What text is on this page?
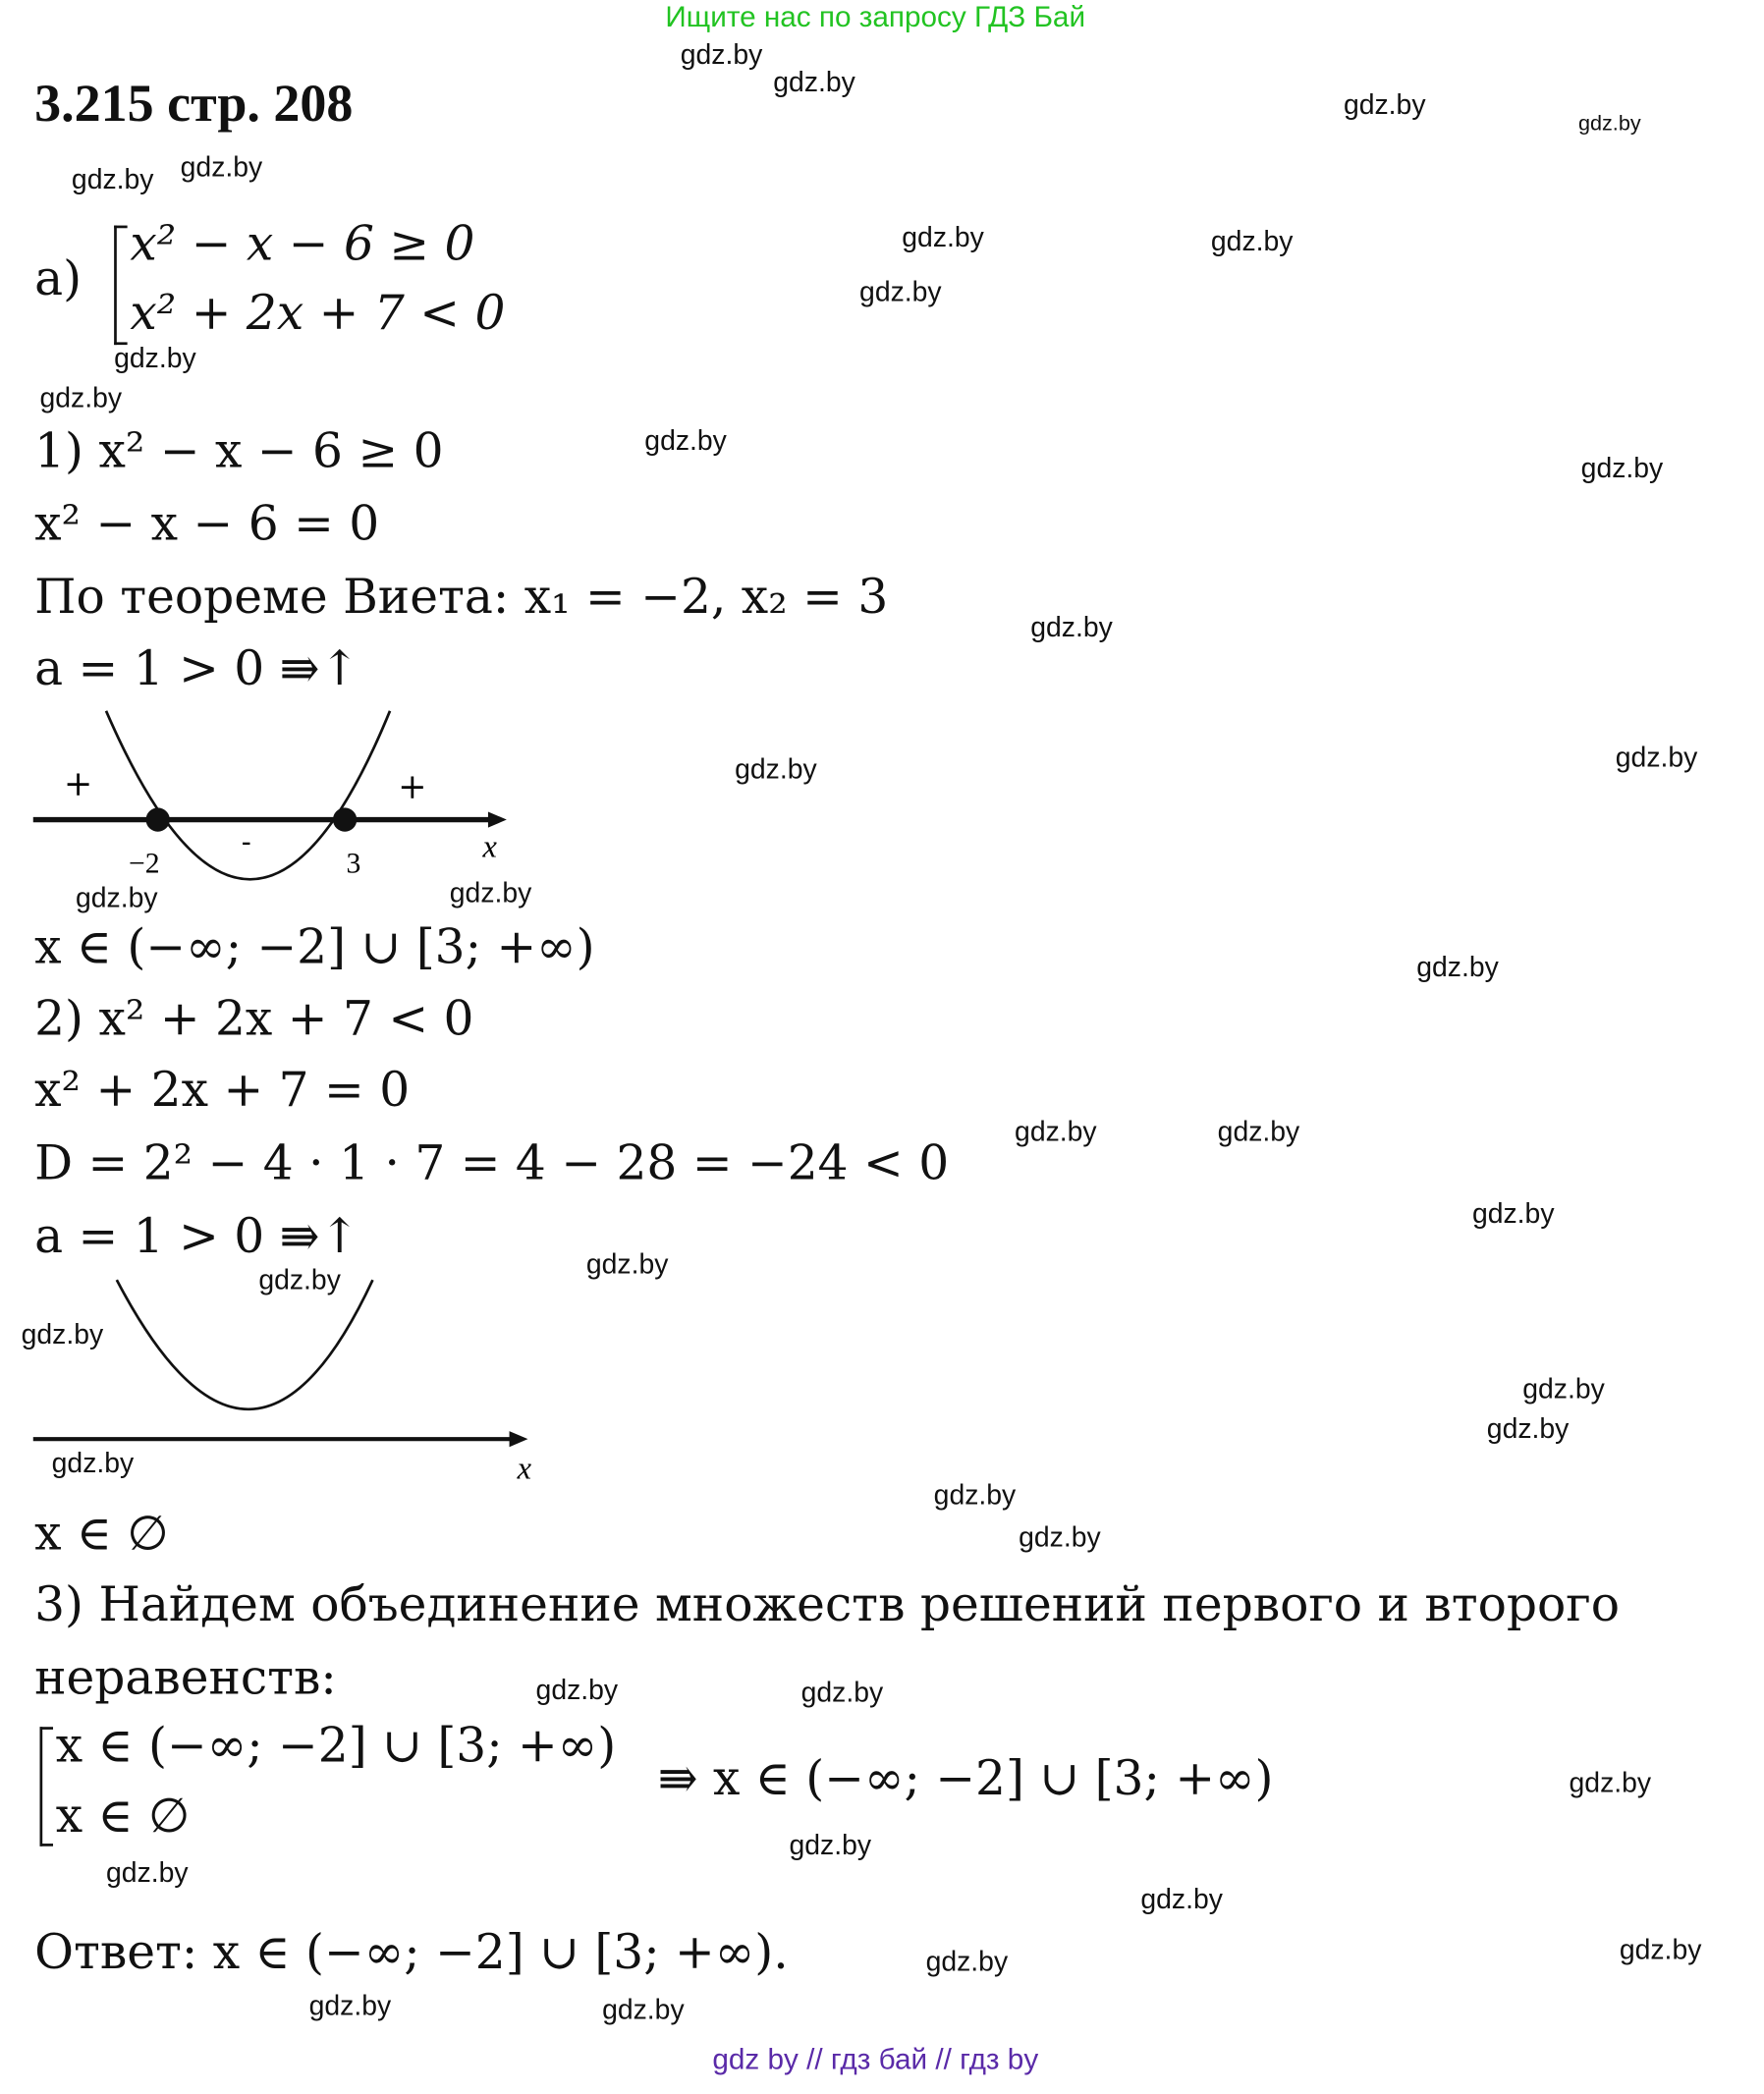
Ищите нас по запросу ГДЗ Бай
3.215 стр. 208
а)
x² − x − 6 ≥ 0
x² + 2x + 7 < 0
1) x² − x − 6 ≥ 0
x² − x − 6 = 0
По теореме Виета: x₁ = −2, x₂ = 3
a = 1 > 0 ⇛↑
+	+
-
−2	3	x
x ∈ (−∞; −2] ∪ [3; +∞)
2) x² + 2x + 7 < 0
x² + 2x + 7 = 0
D = 2² − 4 · 1 · 7 = 4 − 28 = −24 < 0
a = 1 > 0 ⇛↑
x
x ∈ ∅
3) Найдем объединение множеств решений первого и второго
неравенств:
x ∈ (−∞; −2] ∪ [3; +∞)
x ∈ ∅
⇛ x ∈ (−∞; −2] ∪ [3; +∞)
Ответ: x ∈ (−∞; −2] ∪ [3; +∞).
gdz.by
gdz.by
gdz.by
gdz.by
gdz.by gdz.by
gdz.by	gdz.by
gdz.by
gdz.by
gdz.by
gdz.by
gdz.by
gdz.by
gdz.by	gdz.by
gdz.by	gdz.by
gdz.by
gdz.by	gdz.by
gdz.by
gdz.by
gdz.by
gdz.by
gdz.by
gdz.by
gdz.by
gdz.by
gdz.by
gdz.by	gdz.by
gdz.by
gdz.by
gdz.by
gdz.by
gdz.by	gdz.by
gdz.by	gdz.by
gdz by // гдз бай // гдз by
